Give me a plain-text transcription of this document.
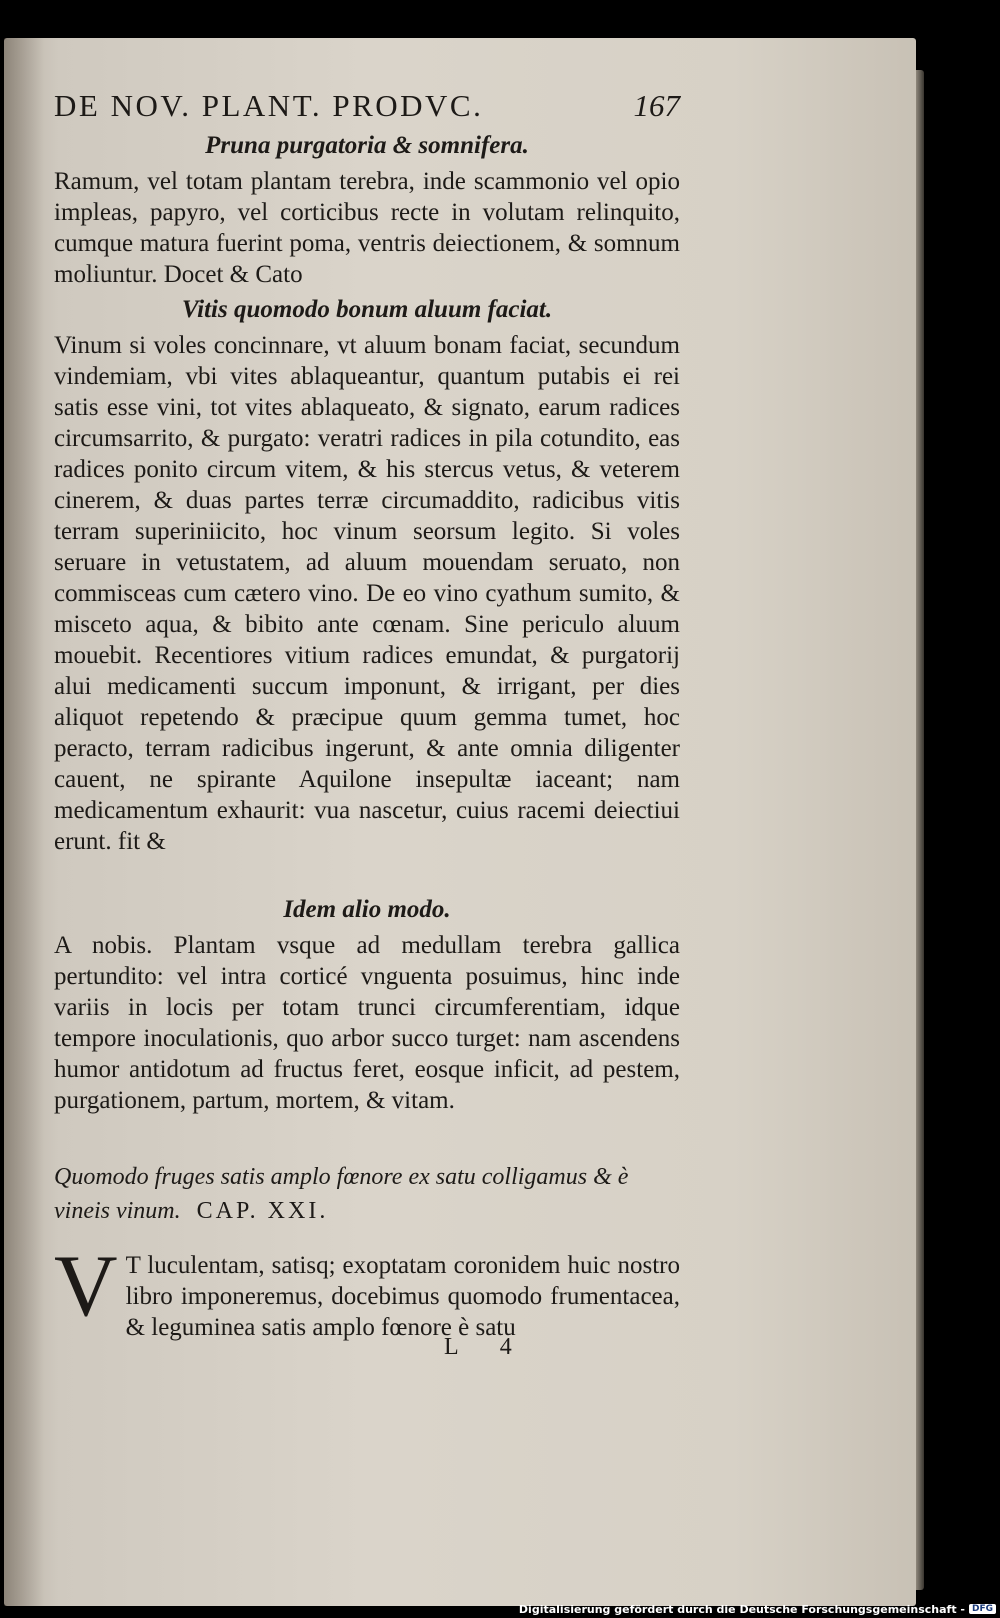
DE NOV. PLANT. PRODVC.	167
Pruna purgatoria & somnifera.
Ramum, vel totam plantam terebra, inde scammonio vel opio impleas, papyro, vel corticibus recte in volutam relinquito, cumque matura fuerint poma, ventris deiectionem, & somnum moliuntur. Docet & Cato
Vitis quomodo bonum aluum faciat.
Vinum si voles concinnare, vt aluum bonam faciat, secundum vindemiam, vbi vites ablaqueantur, quantum putabis ei rei satis esse vini, tot vites ablaqueato, & signato, earum radices circumsarrito, & purgato: veratri radices in pila cotundito, eas radices ponito circum vitem, & his stercus vetus, & veterem cinerem, & duas partes terræ circumaddito, radicibus vitis terram superiniicito, hoc vinum seorsum legito. Si voles seruare in vetustatem, ad aluum mouendam seruato, non commisceas cum cætero vino. De eo vino cyathum sumito, & misceto aqua, & bibito ante cœnam. Sine periculo aluum mouebit. Recentiores vitium radices emundat, & purgatorij alui medicamenti succum imponunt, & irrigant, per dies aliquot repetendo & præcipue quum gemma tumet, hoc peracto, terram radicibus ingerunt, & ante omnia diligenter cauent, ne spirante Aquilone insepultæ iaceant; nam medicamentum exhaurit: vua nascetur, cuius racemi deiectiui erunt. fit &
Idem alio modo.
A nobis. Plantam vsque ad medullam terebra gallica pertundito: vel intra corticé vnguenta posuimus, hinc inde variis in locis per totam trunci circumferentiam, idque tempore inoculationis, quo arbor succo turget: nam ascendens humor antidotum ad fructus feret, eosque inficit, ad pestem, purgationem, partum, mortem, & vitam.
Quomodo fruges satis amplo fœnore ex satu colligamus & è vineis vinum. CAP. XXI.
V T luculentam, satisq; exoptatam coronidem huic nostro libro imponeremus, docebimus quomodo frumentacea, & leguminea satis amplo fœnore è satu
L 4
Digitalisierung gefördert durch die Deutsche Forschungsgemeinschaft - DFG
